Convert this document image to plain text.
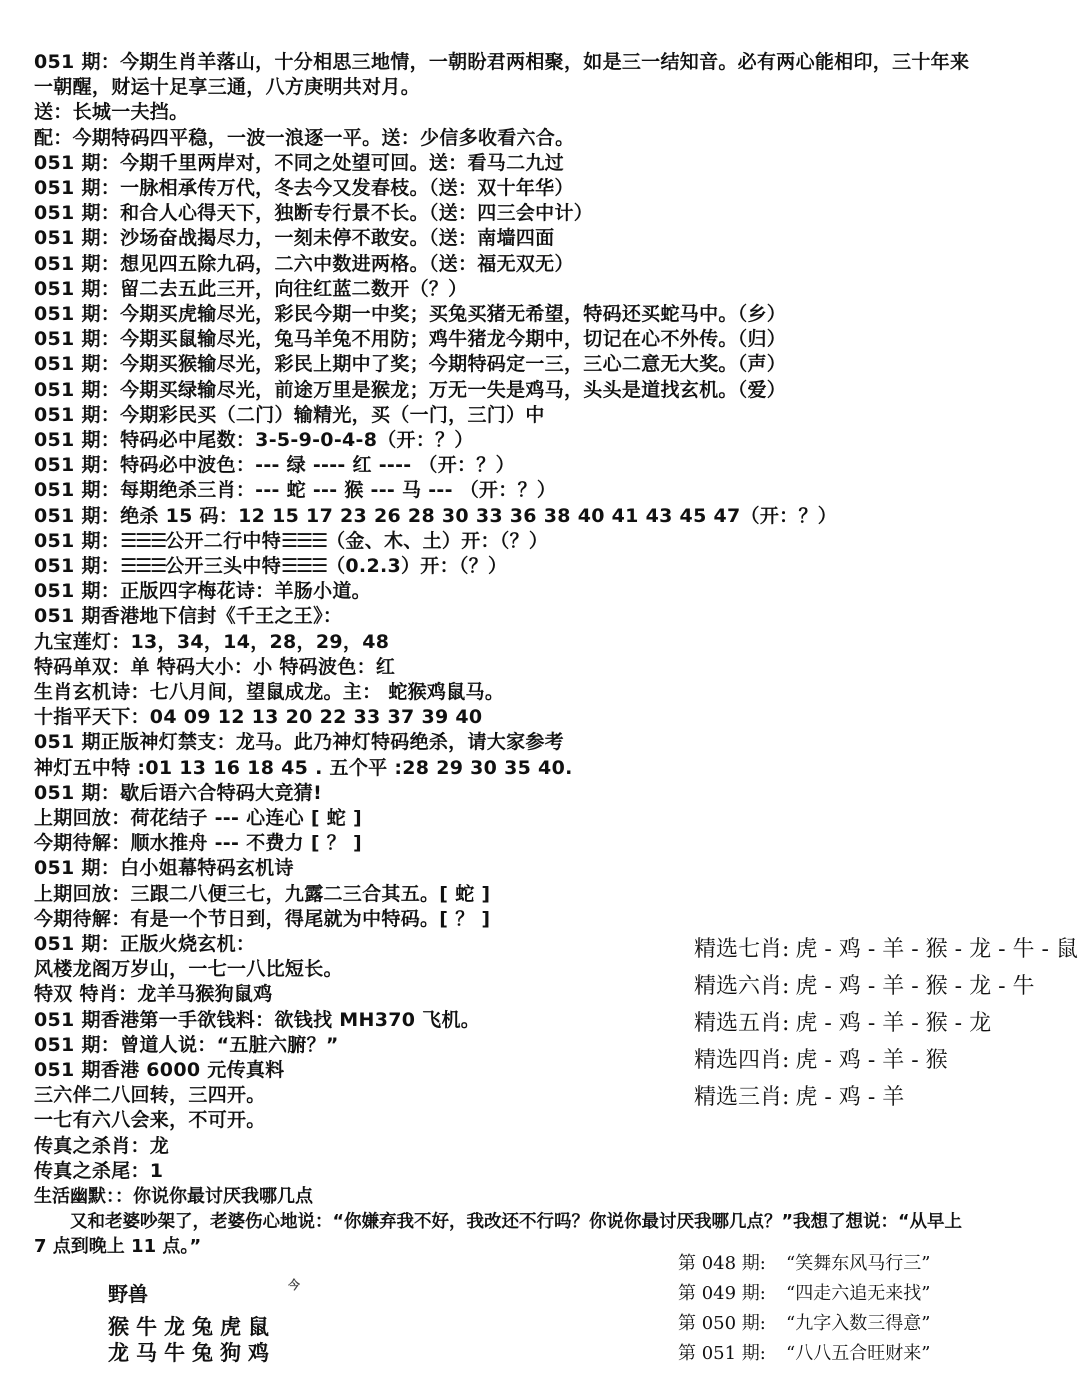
051 期：今期生肖羊落山，十分相思三地情，一朝盼君两相聚，如是三一结知音。必有两心能相印，三十年来
一朝醒，财运十足享三通，八方庚明共对月。
送：长城一夫挡。
配：今期特码四平稳，一波一浪逐一平。送：少信多收看六合。
051 期：今期千里两岸对，不同之处望可回。送：看马二九过
051 期：一脉相承传万代，冬去今又发春枝。（送：双十年华）
051 期：和合人心得天下，独断专行景不长。（送：四三会中计）
051 期：沙场奋战揭尽力，一刻未停不敢安。（送：南墙四面
051 期：想见四五除九码，二六中数进两格。（送：福无双无）
051 期：留二去五此三开，向往红蓝二数开（？）
051 期：今期买虎输尽光，彩民今期一中奖；买兔买猪无希望，特码还买蛇马中。（乡）
051 期：今期买鼠输尽光，兔马羊兔不用防；鸡牛猪龙今期中，切记在心不外传。（归）
051 期：今期买猴输尽光，彩民上期中了奖；今期特码定一三，三心二意无大奖。（声）
051 期：今期买绿输尽光，前途万里是猴龙；万无一失是鸡马，头头是道找玄机。（爱）
051 期：今期彩民买（二门）输精光，买（一门，三门）中
051 期：特码必中尾数：3-5-9-0-4-8（开：？）
051 期：特码必中波色：--- 绿 ---- 红 ---- （开：？）
051 期：每期绝杀三肖：--- 蛇 --- 猴 --- 马 --- （开：？）
051 期：绝杀 15 码：12 15 17 23 26 28 30 33 36 38 40 41 43 45 47（开：？）
051 期：☰☰☰公开二行中特☰☰☰（金、木、土）开：（？）
051 期：☰☰☰公开三头中特☰☰☰（0.2.3）开：（？）
051 期：正版四字梅花诗：羊肠小道。
051 期香港地下信封《千王之王》：
九宝莲灯：13，34，14，28，29，48
特码单双：单 特码大小：小 特码波色：红
生肖玄机诗：七八月间，望鼠成龙。主： 蛇猴鸡鼠马。
十指平天下：04 09 12 13 20 22 33 37 39 40
051 期正版神灯禁支：龙马。此乃神灯特码绝杀，请大家参考
神灯五中特 :01 13 16 18 45 . 五个平 :28 29 30 35 40.
051 期：歇后语六合特码大竞猜!
上期回放：荷花结子 --- 心连心 [ 蛇 ]
今期待解：顺水推舟 --- 不费力 [ ？ ]
051 期：白小姐幕特码玄机诗
上期回放：三跟二八便三七，九露二三合其五。[ 蛇 ]
今期待解：有是一个节日到，得尾就为中特码。[ ？ ]
051 期：正版火烧玄机：
风楼龙阁万岁山，一七一八比短长。
特双 特肖：龙羊马猴狗鼠鸡
051 期香港第一手欲钱料：欲钱找 MH370 飞机。
051 期：曾道人说：“五脏六腑？”
051 期香港 6000 元传真料
三六伴二八回转，三四开。
一七有六八会来，不可开。
传真之杀肖：龙
传真之杀尾：1
精选七肖: 虎 - 鸡 - 羊 - 猴 - 龙 - 牛 - 鼠
精选六肖: 虎 - 鸡 - 羊 - 猴 - 龙 - 牛
精选五肖: 虎 - 鸡 - 羊 - 猴 - 龙
精选四肖: 虎 - 鸡 - 羊 - 猴
精选三肖: 虎 - 鸡 - 羊
生活幽默：：你说你最讨厌我哪几点
又和老婆吵架了，老婆伤心地说：“你嫌弃我不好，我改还不行吗？你说你最讨厌我哪几点？”我想了想说：“从早上
7 点到晚上 11 点。”
第 048 期: “笑舞东风马行三”
第 049 期: “四走六追无来找”
第 050 期: “九字入数三得意”
第 051 期: “八八五合旺财来”
野兽	今
猴牛龙兔虎鼠
龙马牛兔狗鸡
